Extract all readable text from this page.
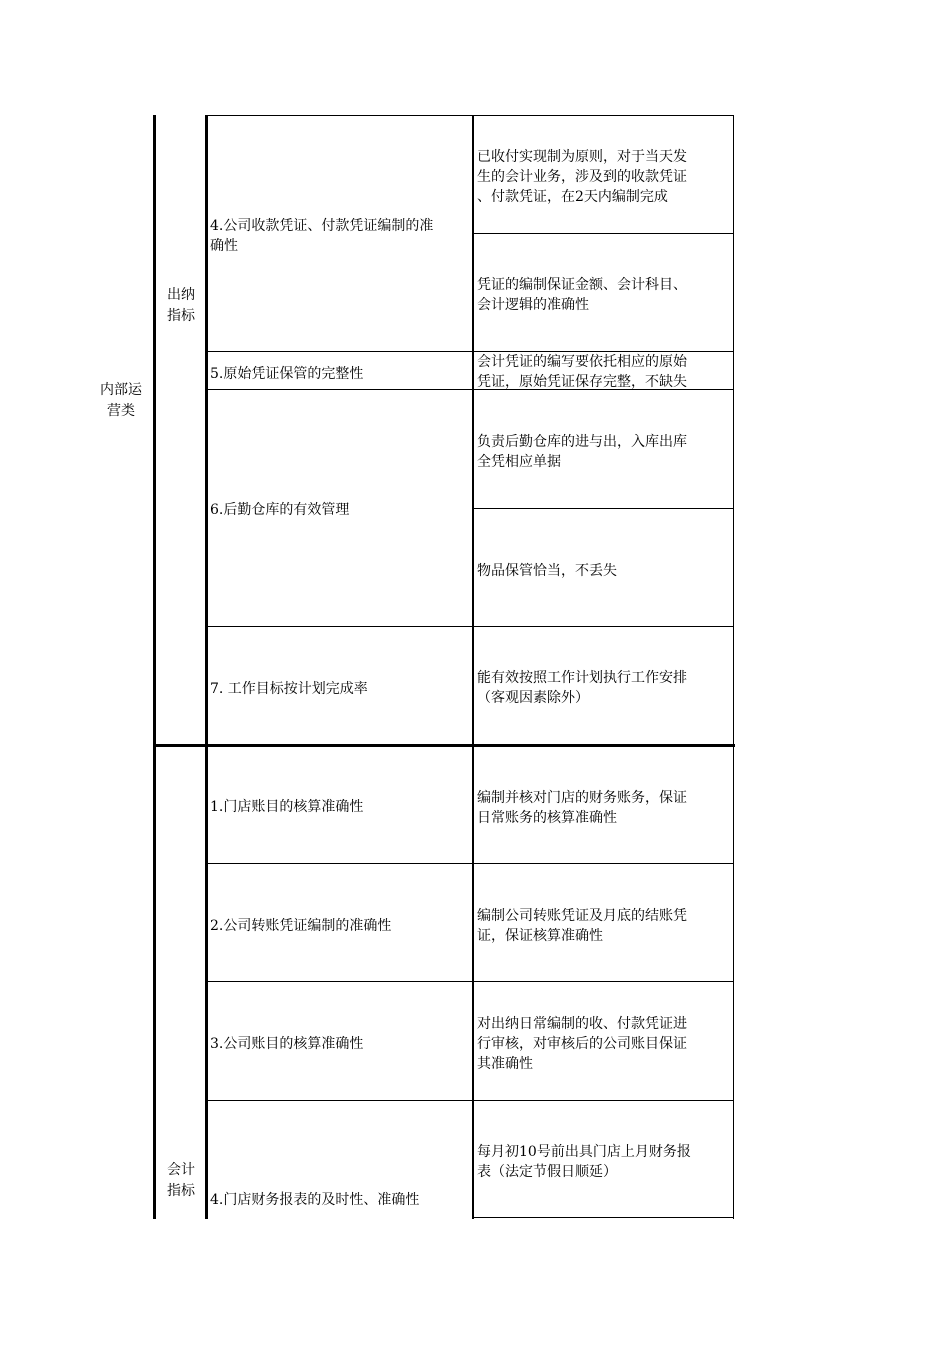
内部运
营类
出纳
指标
会计
指标
4.公司收款凭证、付款凭证编制的准
确性
5.原始凭证保管的完整性
6.后勤仓库的有效管理
7. 工作目标按计划完成率
已收付实现制为原则，对于当天发
生的会计业务，涉及到的收款凭证
、付款凭证，在2天内编制完成
凭证的编制保证金额、会计科目、
会计逻辑的准确性
会计凭证的编写要依托相应的原始
凭证，原始凭证保存完整，不缺失
负责后勤仓库的进与出，入库出库
全凭相应单据
物品保管恰当，不丢失
能有效按照工作计划执行工作安排
（客观因素除外）
1.门店账目的核算准确性
2.公司转账凭证编制的准确性
3.公司账目的核算准确性
4.门店财务报表的及时性、准确性
编制并核对门店的财务账务，保证
日常账务的核算准确性
编制公司转账凭证及月底的结账凭
证，保证核算准确性
对出纳日常编制的收、付款凭证进
行审核，对审核后的公司账目保证
其准确性
每月初10号前出具门店上月财务报
表（法定节假日顺延）
